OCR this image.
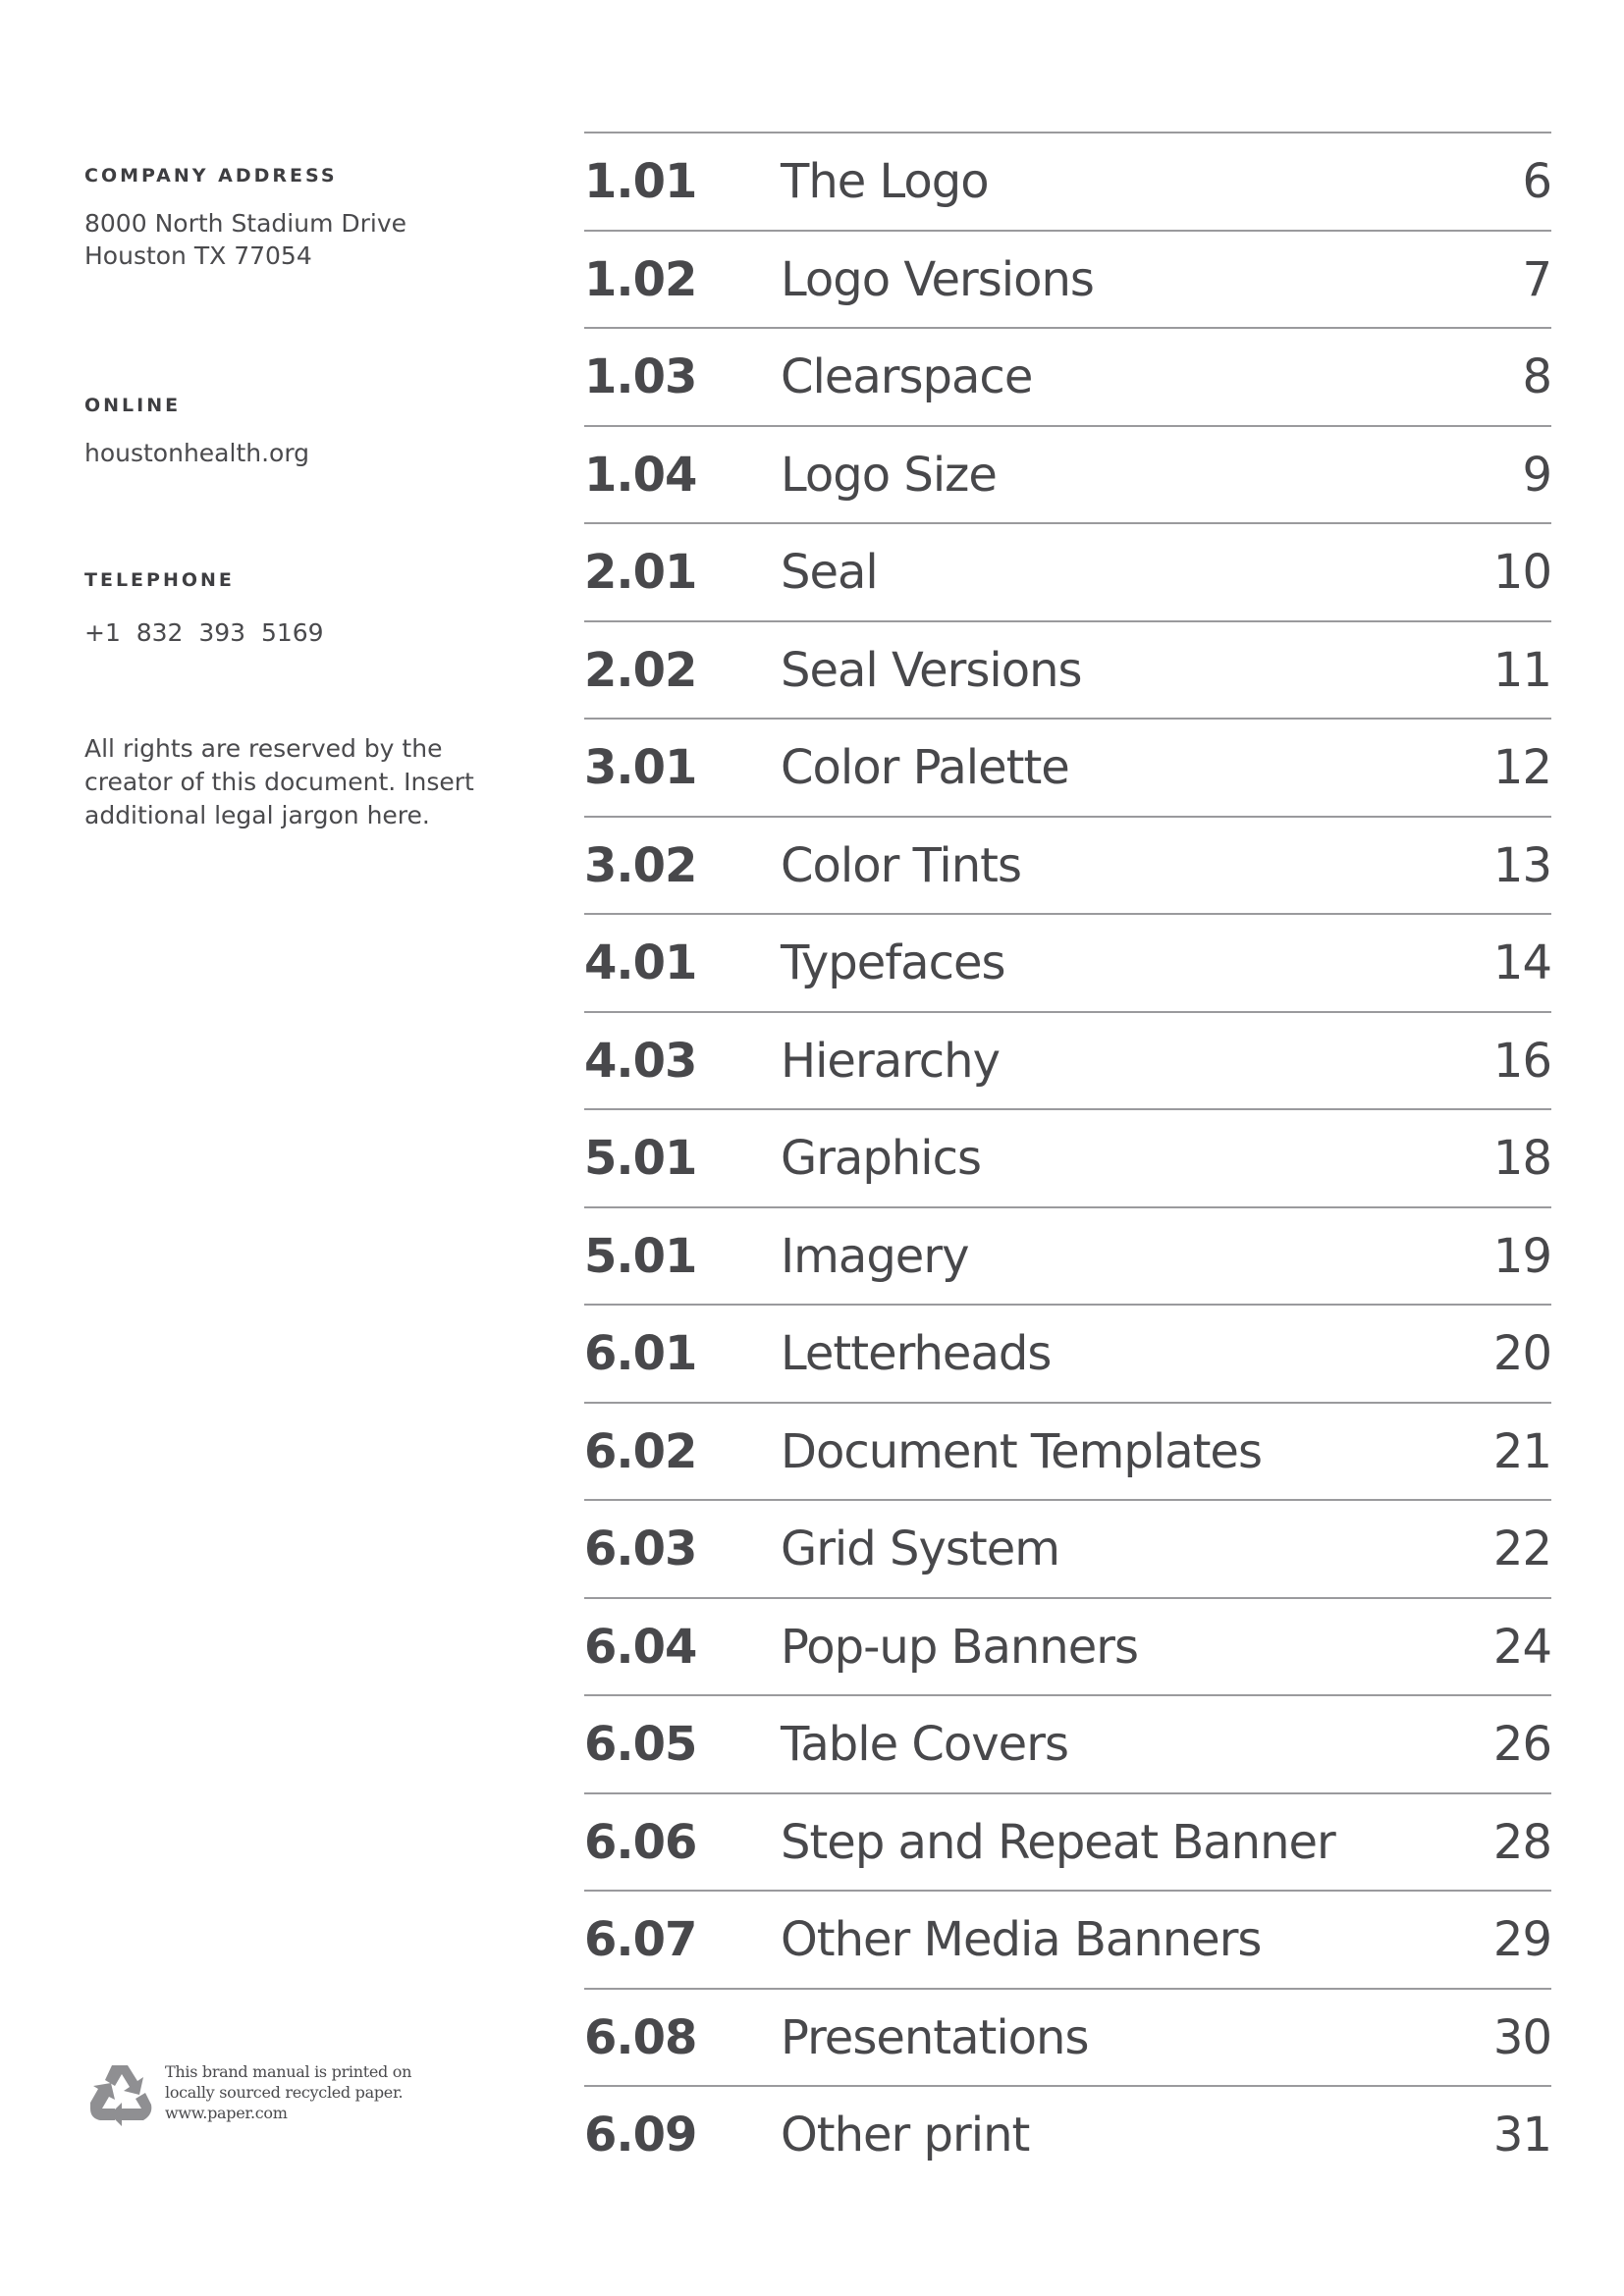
COMPANY ADDRESS
8000 North Stadium Drive
Houston TX 77054
ONLINE
houstonhealth.org
TELEPHONE
+1  832  393  5169
All rights are reserved by the
creator of this document. Insert
additional legal jargon here.
This brand manual is printed on
locally sourced recycled paper.
www.paper.com
1.01 The Logo	6
1.02 Logo Versions	7
1.03 Clearspace	8
1.04 Logo Size	9
2.01 Seal	10
2.02 Seal Versions	11
3.01 Color Palette	12
3.02 Color Tints	13
4.01 Typefaces	14
4.03 Hierarchy	16
5.01 Graphics	18
5.01 Imagery	19
6.01 Letterheads	20
6.02 Document Templates	21
6.03 Grid System	22
6.04 Pop-up Banners	24
6.05 Table Covers	26
6.06 Step and Repeat Banner	28
6.07 Other Media Banners	29
6.08 Presentations	30
6.09 Other print	31
